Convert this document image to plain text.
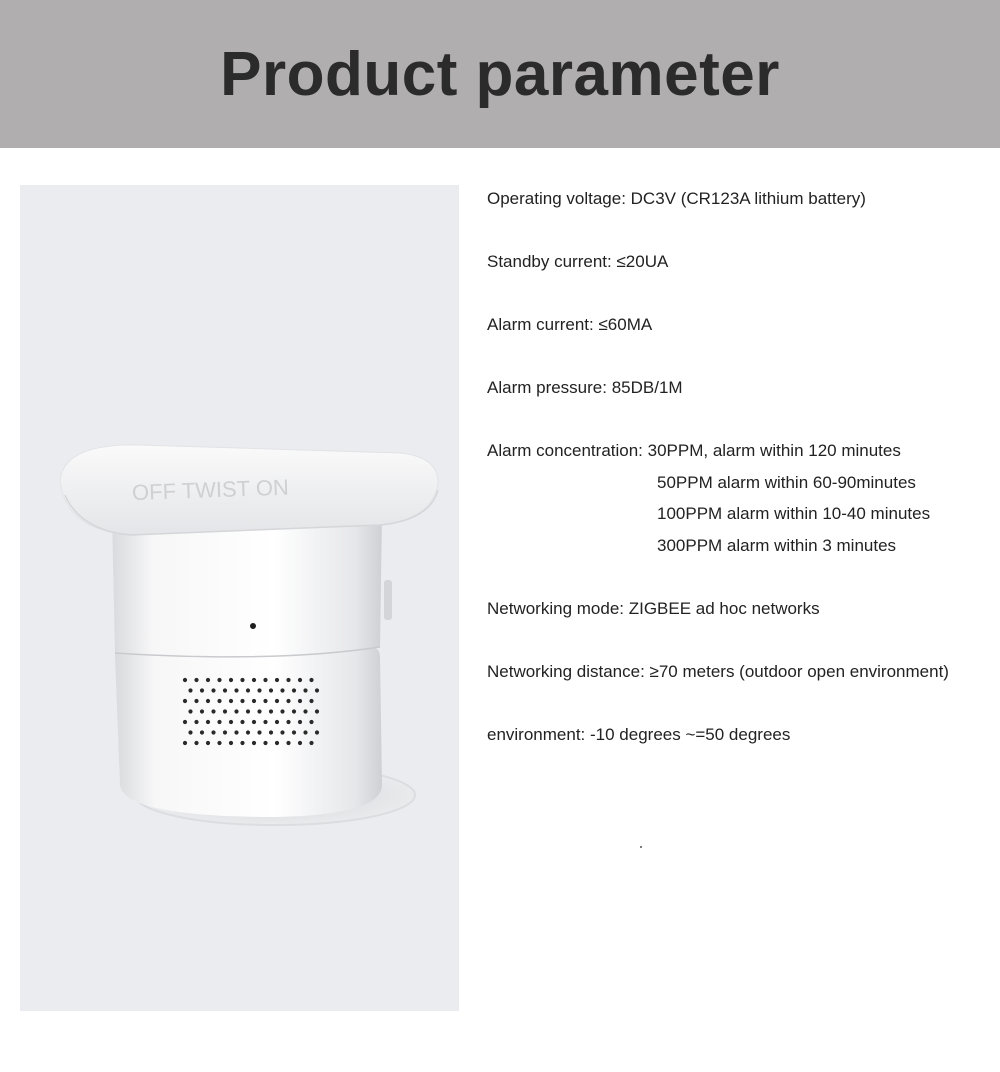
Product parameter
OFF TWIST ON
Operating voltage: DC3V (CR123A lithium battery)
Standby current: ≤20UA
Alarm current: ≤60MA
Alarm pressure: 85DB/1M
Alarm concentration: 30PPM, alarm within 120 minutes
50PPM alarm within 60-90minutes
100PPM alarm within 10-40 minutes
300PPM alarm within 3 minutes
Networking mode: ZIGBEE ad hoc networks
Networking distance: ≥70 meters (outdoor open environment)
environment: -10 degrees ~=50 degrees
